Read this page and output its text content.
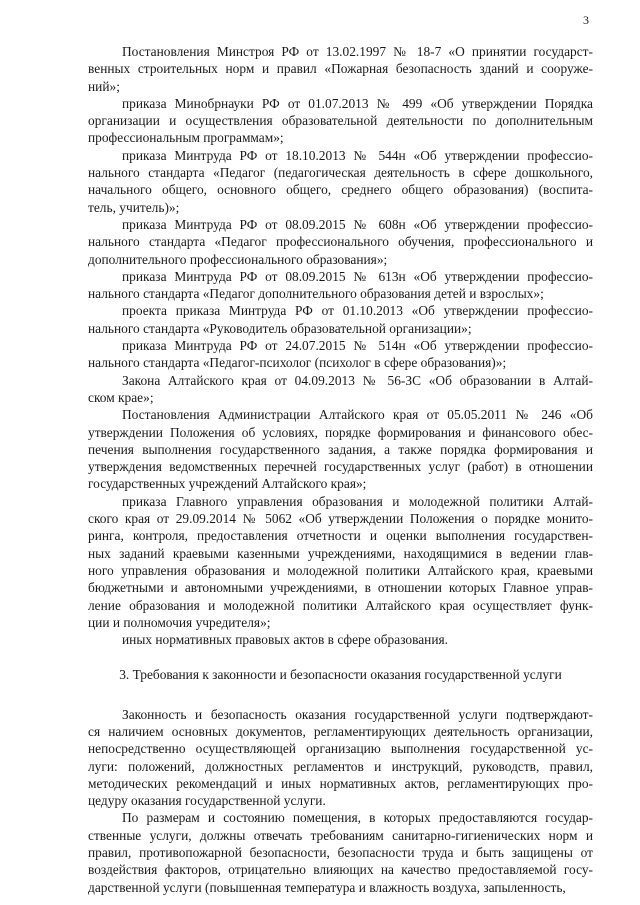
3
Постановления Минстроя РФ от 13.02.1997 № 18-7 «О принятии государст-
венных строительных норм и правил «Пожарная безопасность зданий и сооруже-
ний»;
приказа Минобрнауки РФ от 01.07.2013 № 499 «Об утверждении Порядка
организации и осуществления образовательной деятельности по дополнительным
профессиональным программам»;
приказа Минтруда РФ от 18.10.2013 № 544н «Об утверждении профессио-
нального стандарта «Педагог (педагогическая деятельность в сфере дошкольного,
начального общего, основного общего, среднего общего образования) (воспита-
тель, учитель)»;
приказа Минтруда РФ от 08.09.2015 № 608н «Об утверждении профессио-
нального стандарта «Педагог профессионального обучения, профессионального и
дополнительного профессионального образования»;
приказа Минтруда РФ от 08.09.2015 № 613н «Об утверждении профессио-
нального стандарта «Педагог дополнительного образования детей и взрослых»;
проекта приказа Минтруда РФ от 01.10.2013 «Об утверждении профессио-
нального стандарта «Руководитель образовательной организации»;
приказа Минтруда РФ от 24.07.2015 № 514н «Об утверждении профессио-
нального стандарта «Педагог-психолог (психолог в сфере образования)»;
Закона Алтайского края от 04.09.2013 № 56-ЗС «Об образовании в Алтай-
ском крае»;
Постановления Администрации Алтайского края от 05.05.2011 № 246 «Об
утверждении Положения об условиях, порядке формирования и финансового обес-
печения выполнения государственного задания, а также порядка формирования и
утверждения ведомственных перечней государственных услуг (работ) в отношении
государственных учреждений Алтайского края»;
приказа Главного управления образования и молодежной политики Алтай-
ского края от 29.09.2014 № 5062 «Об утверждении Положения о порядке монито-
ринга, контроля, предоставления отчетности и оценки выполнения государствен-
ных заданий краевыми казенными учреждениями, находящимися в ведении глав-
ного управления образования и молодежной политики Алтайского края, краевыми
бюджетными и автономными учреждениями, в отношении которых Главное управ-
ление образования и молодежной политики Алтайского края осуществляет функ-
ции и полномочия учредителя»;
иных нормативных правовых актов в сфере образования.
3. Требования к законности и безопасности оказания государственной услуги
Законность и безопасность оказания государственной услуги подтверждают-
ся наличием основных документов, регламентирующих деятельность организации,
непосредственно осуществляющей организацию выполнения государственной ус-
луги: положений, должностных регламентов и инструкций, руководств, правил,
методических рекомендаций и иных нормативных актов, регламентирующих про-
цедуру оказания государственной услуги.
По размерам и состоянию помещения, в которых предоставляются государ-
ственные услуги, должны отвечать требованиям санитарно-гигиенических норм и
правил, противопожарной безопасности, безопасности труда и быть защищены от
воздействия факторов, отрицательно влияющих на качество предоставляемой госу-
дарственной услуги (повышенная температура и влажность воздуха, запыленность,
